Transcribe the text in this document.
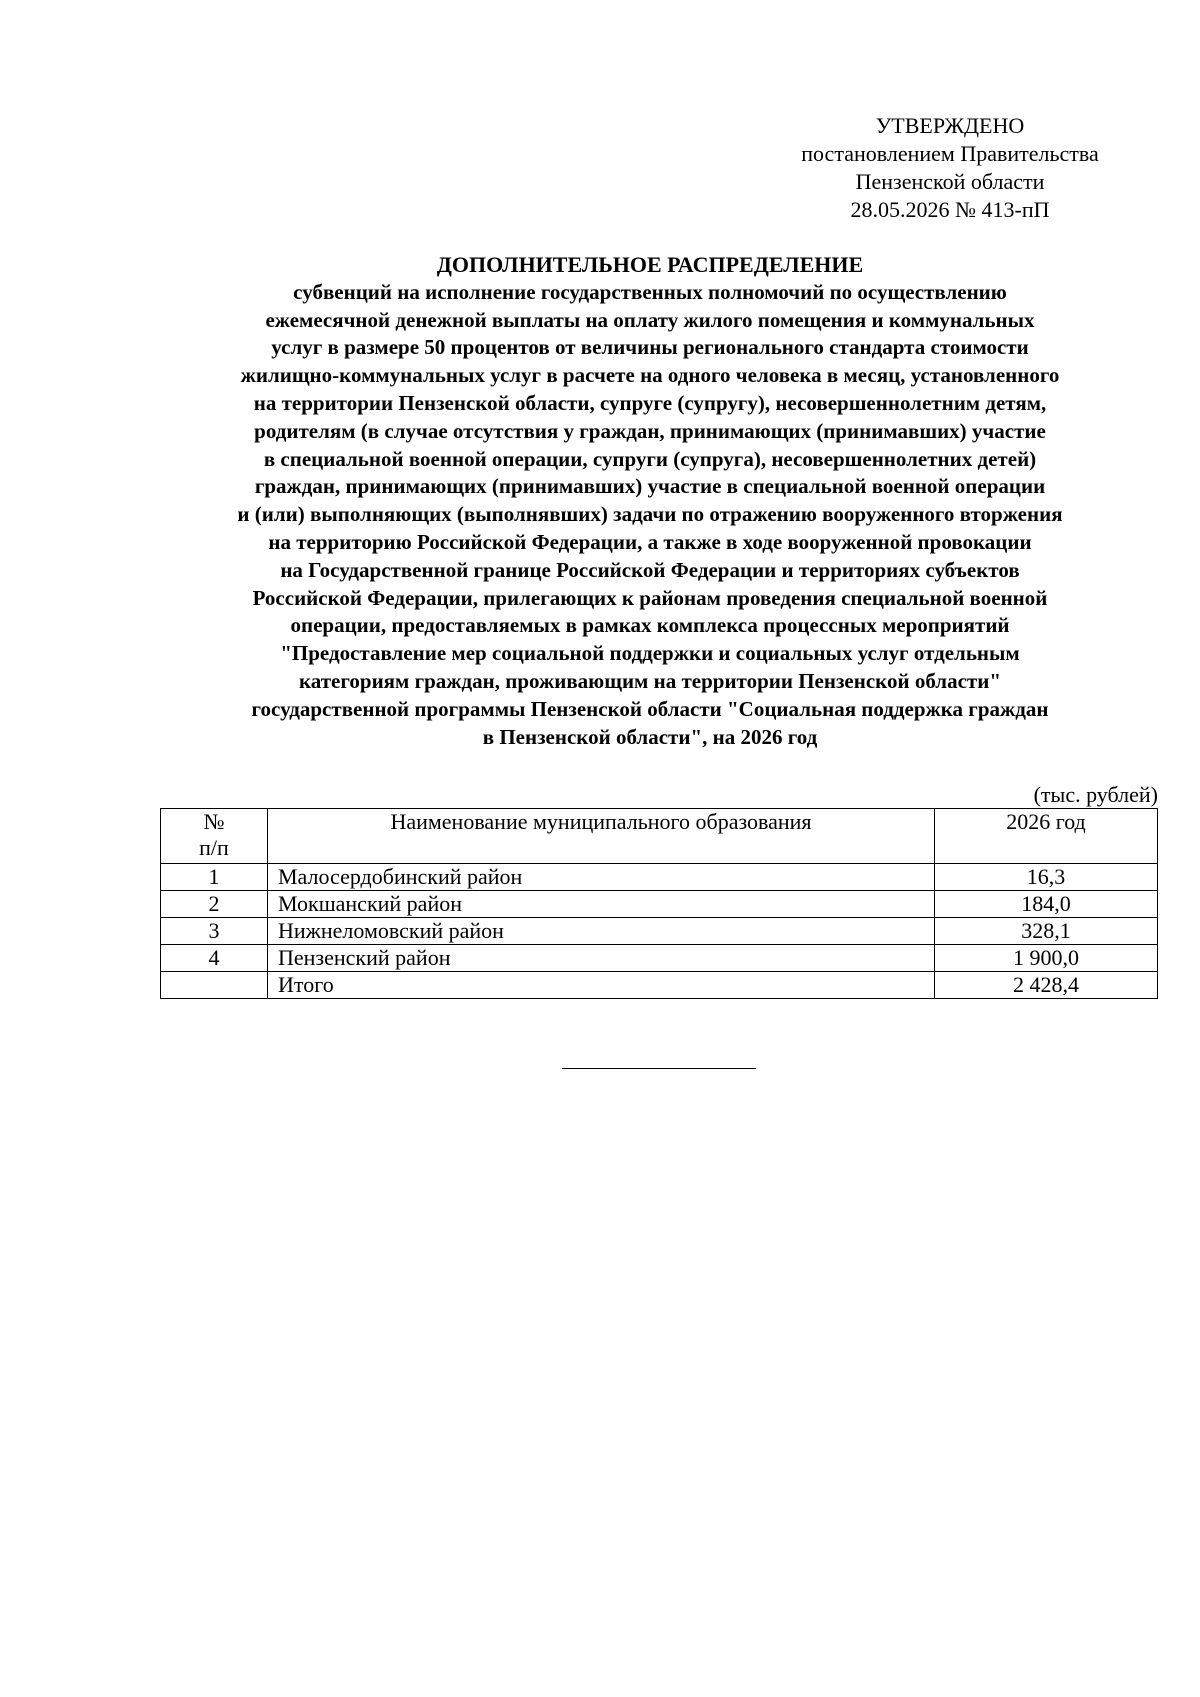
УТВЕРЖДЕНО
постановлением Правительства
Пензенской области
28.05.2026 № 413-пП
ДОПОЛНИТЕЛЬНОЕ РАСПРЕДЕЛЕНИЕ
субвенций на исполнение государственных полномочий по осуществлению
ежемесячной денежной выплаты на оплату жилого помещения и коммунальных
услуг в размере 50 процентов от величины регионального стандарта стоимости
жилищно-коммунальных услуг в расчете на одного человека в месяц, установленного
на территории Пензенской области, супруге (супругу), несовершеннолетним детям,
родителям (в случае отсутствия у граждан, принимающих (принимавших) участие
в специальной военной операции, супруги (супруга), несовершеннолетних детей)
граждан, принимающих (принимавших) участие в специальной военной операции
и (или) выполняющих (выполнявших) задачи по отражению вооруженного вторжения
на территорию Российской Федерации, а также в ходе вооруженной провокации
на Государственной границе Российской Федерации и территориях субъектов
Российской Федерации, прилегающих к районам проведения специальной военной
операции, предоставляемых в рамках комплекса процессных мероприятий
"Предоставление мер социальной поддержки и социальных услуг отдельным
категориям граждан, проживающим на территории Пензенской области"
государственной программы Пензенской области "Социальная поддержка граждан
в Пензенской области", на 2026 год
(тыс. рублей)
№
п/п	Наименование муниципального образования	2026 год
1	Малосердобинский район	16,3
2	Мокшанский район	184,0
3	Нижнеломовский район	328,1
4	Пензенский район	1 900,0
	Итого	2 428,4
